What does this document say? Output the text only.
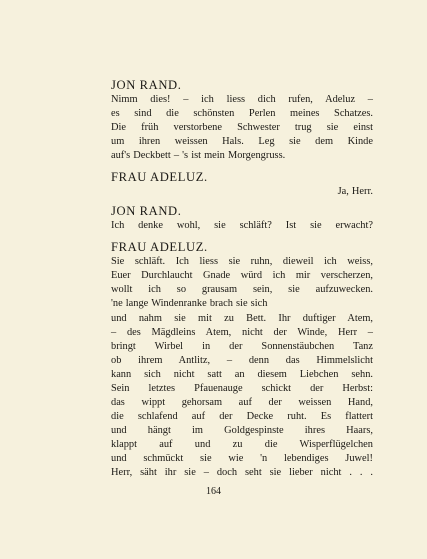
JON RAND.

Nimm dies! – ich liess dich rufen, Adeluz –

es sind die schönsten Perlen meines Schatzes.

Die früh verstorbene Schwester trug sie einst

um ihren weissen Hals. Leg sie dem Kinde

auf's Deckbett – 's ist mein Morgengruss.

FRAU ADELUZ.

Ja, Herr.

JON RAND.

Ich denke wohl, sie schläft? Ist sie erwacht?

FRAU ADELUZ.

Sie schläft. Ich liess sie ruhn, dieweil ich weiss,

Euer Durchlaucht Gnade würd ich mir verscherzen,

wollt ich so grausam sein, sie aufzuwecken.

'ne lange Windenranke brach sie sich

und nahm sie mit zu Bett. Ihr duftiger Atem,

– des Mägdleins Atem, nicht der Winde, Herr –

bringt Wirbel in der Sonnenstäubchen Tanz

ob ihrem Antlitz, – denn das Himmelslicht

kann sich nicht satt an diesem Liebchen sehn.

Sein letztes Pfauenauge schickt der Herbst:

das wippt gehorsam auf der weissen Hand,

die schlafend auf der Decke ruht. Es flattert

und hängt im Goldgespinste ihres Haars,

klappt auf und zu die Wisperflügelchen

und schmückt sie wie 'n lebendiges Juwel!

Herr, säht ihr sie – doch seht sie lieber nicht . . .

164
